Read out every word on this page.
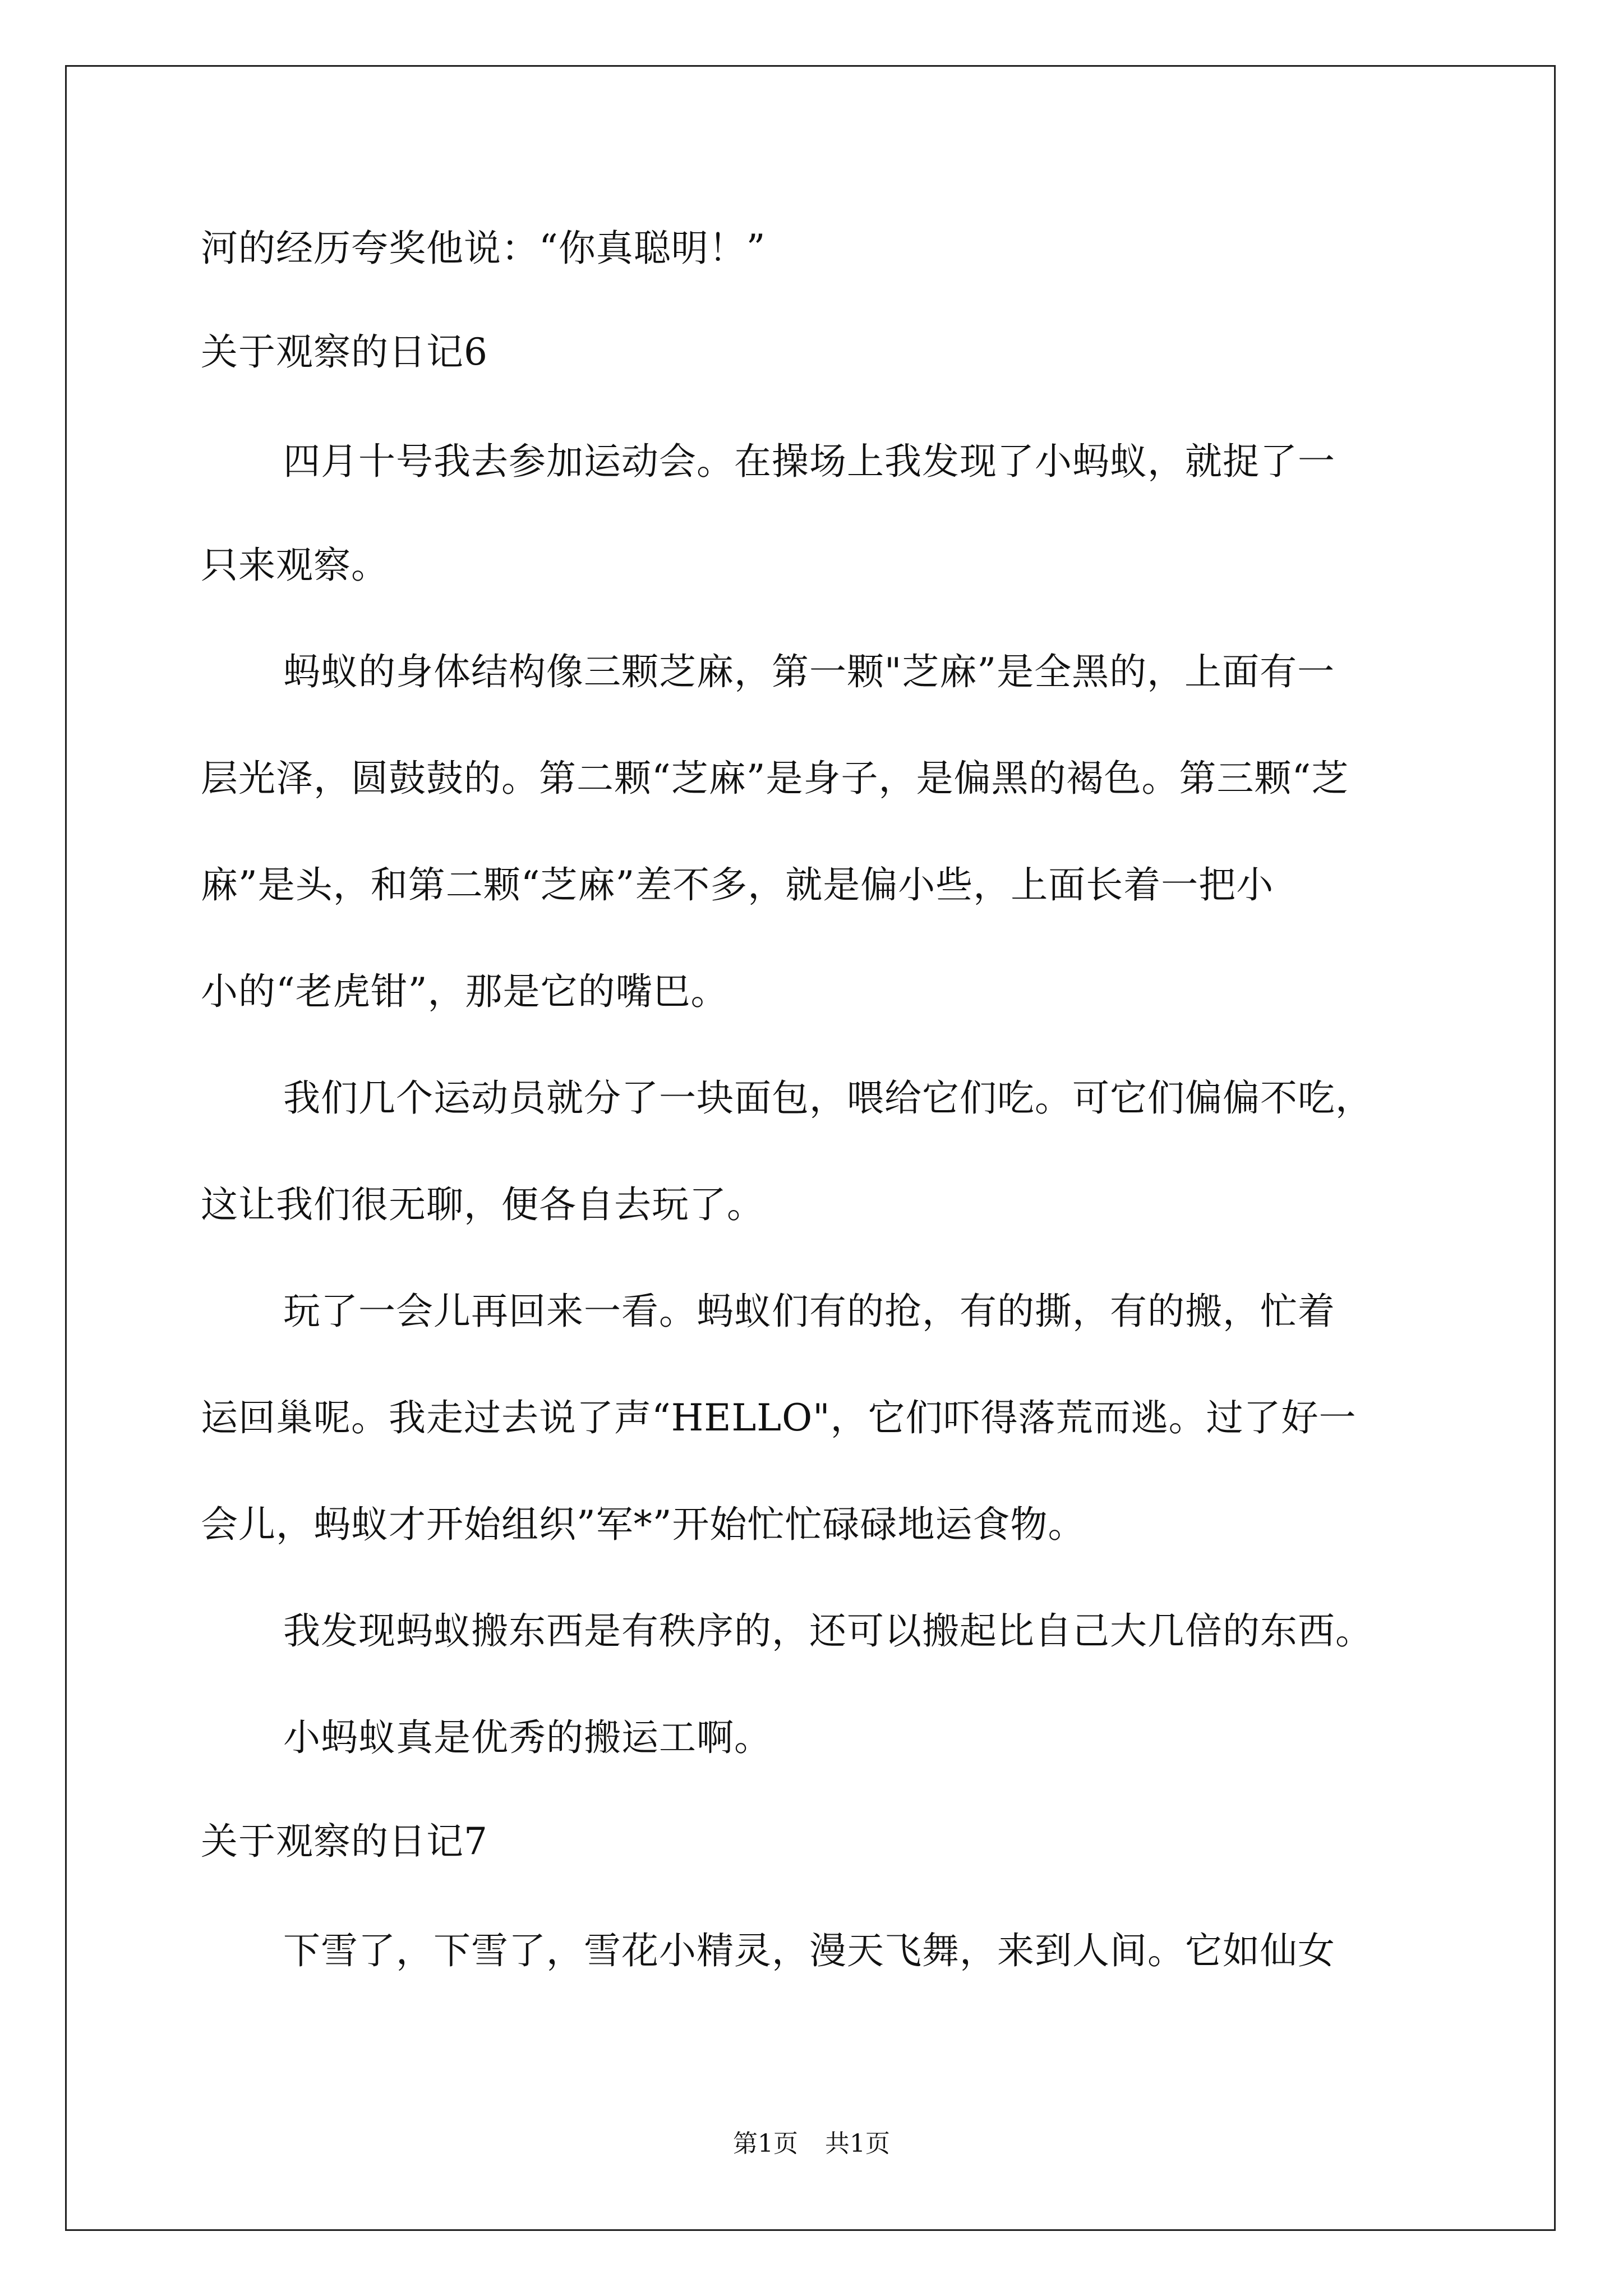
河的经历夸奖他说：“你真聪明！”
关于观察的日记6
四月十号我去参加运动会。在操场上我发现了小蚂蚁，就捉了一
只来观察。
蚂蚁的身体结构像三颗芝麻，第一颗"芝麻”是全黑的，上面有一
层光泽，圆鼓鼓的。第二颗“芝麻”是身子，是偏黑的褐色。第三颗“芝
麻”是头，和第二颗“芝麻”差不多，就是偏小些，上面长着一把小
小的“老虎钳”，那是它的嘴巴。
我们几个运动员就分了一块面包，喂给它们吃。可它们偏偏不吃，
这让我们很无聊，便各自去玩了。
玩了一会儿再回来一看。蚂蚁们有的抢，有的撕，有的搬，忙着
运回巢呢。我走过去说了声“HELLO"，它们吓得落荒而逃。过了好一
会儿，蚂蚁才开始组织”军*”开始忙忙碌碌地运食物。
我发现蚂蚁搬东西是有秩序的，还可以搬起比自己大几倍的东西。
小蚂蚁真是优秀的搬运工啊。
关于观察的日记7
下雪了，下雪了，雪花小精灵，漫天飞舞，来到人间。它如仙女
第1页 共1页
